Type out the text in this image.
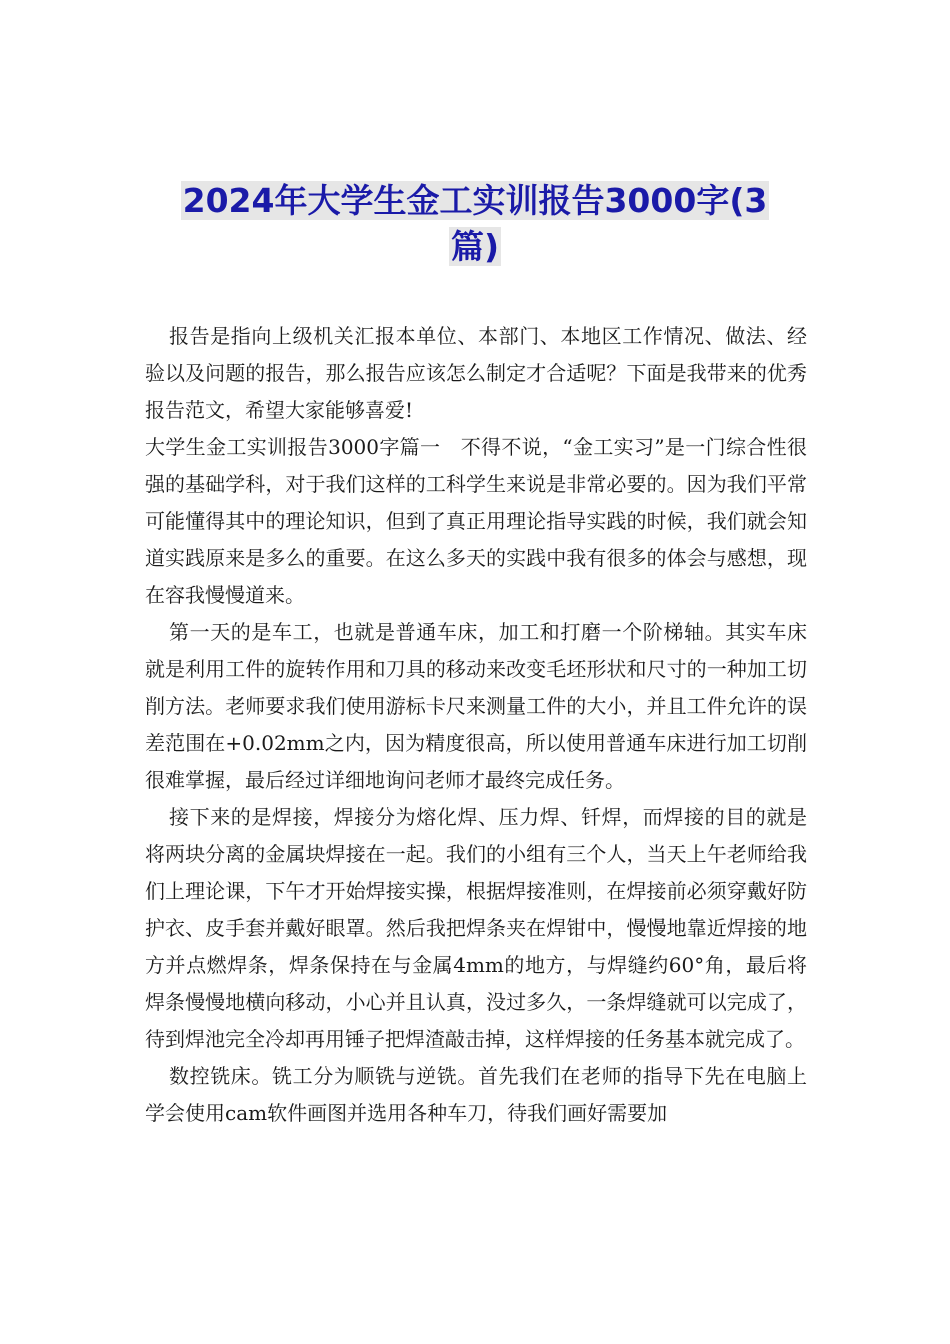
2024年大学生金工实训报告3000字(3
篇)

报告是指向上级机关汇报本单位、本部门、本地区工作情况、做法、经验以及问题的报告，那么报告应该怎么制定才合适呢？下面是我带来的优秀报告范文，希望大家能够喜爱!

大学生金工实训报告3000字篇一　不得不说，“金工实习”是一门综合性很强的基础学科，对于我们这样的工科学生来说是非常必要的。因为我们平常可能懂得其中的理论知识，但到了真正用理论指导实践的时候，我们就会知道实践原来是多么的重要。在这么多天的实践中我有很多的体会与感想，现在容我慢慢道来。

第一天的是车工，也就是普通车床，加工和打磨一个阶梯轴。其实车床就是利用工件的旋转作用和刀具的移动来改变毛坯形状和尺寸的一种加工切削方法。老师要求我们使用游标卡尺来测量工件的大小，并且工件允许的误差范围在+0.02mm之内，因为精度很高，所以使用普通车床进行加工切削很难掌握，最后经过详细地询问老师才最终完成任务。

接下来的是焊接，焊接分为熔化焊、压力焊、钎焊，而焊接的目的就是将两块分离的金属块焊接在一起。我们的小组有三个人，当天上午老师给我们上理论课，下午才开始焊接实操，根据焊接准则，在焊接前必须穿戴好防护衣、皮手套并戴好眼罩。然后我把焊条夹在焊钳中，慢慢地靠近焊接的地方并点燃焊条，焊条保持在与金属4mm的地方，与焊缝约60°角，最后将焊条慢慢地横向移动，小心并且认真，没过多久，一条焊缝就可以完成了，待到焊池完全冷却再用锤子把焊渣敲击掉，这样焊接的任务基本就完成了。

数控铣床。铣工分为顺铣与逆铣。首先我们在老师的指导下先在电脑上学会使用cam软件画图并选用各种车刀，待我们画好需要加
